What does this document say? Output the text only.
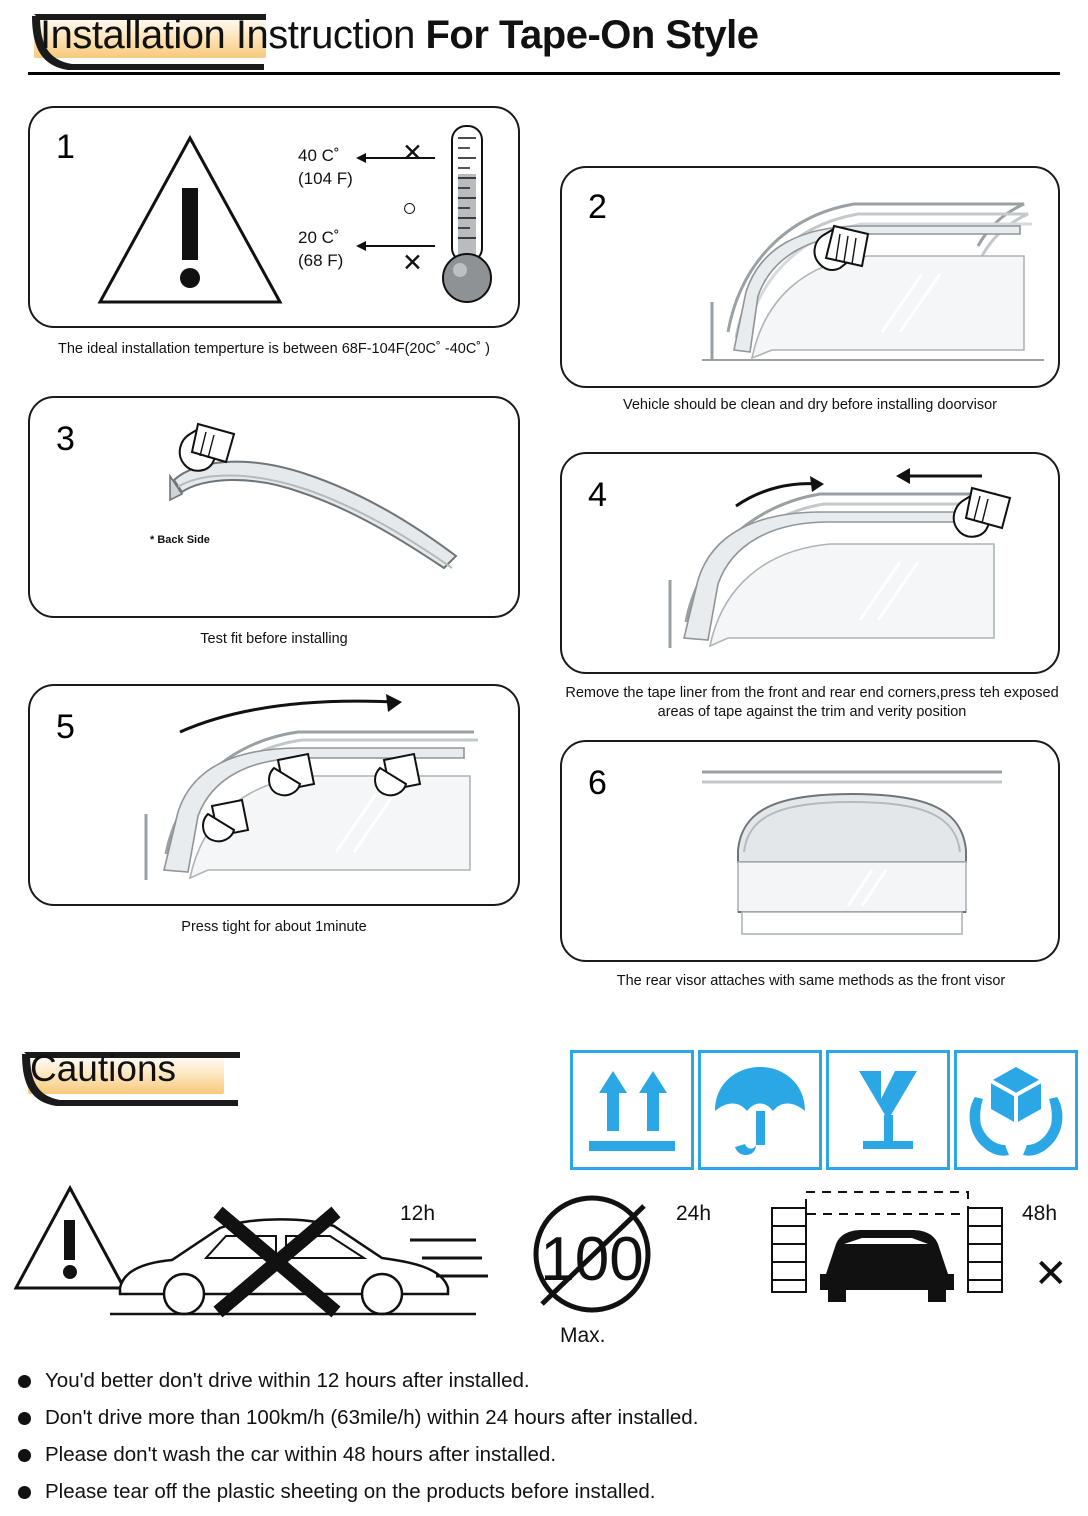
Installation Instruction For Tape-On Style
1	40 C˚
(104 F)
20 C˚
(68 F)
✕
○
✕
The ideal installation temperture is between 68F-104F(20C˚ -40C˚ )
2
Vehicle should be clean and dry before installing doorvisor
3
* Back Side
Test fit before installing
4
Remove the tape liner from the front and rear end corners,press teh exposed areas of tape against the trim and verity position
5
Press tight for about 1minute
6
The rear visor attaches with same methods as the front visor
Cautions
12h
100
Max.
24h	48h
✕
You'd better don't drive within 12 hours after installed.
Don't drive more than 100km/h (63mile/h) within 24 hours after installed.
Please don't wash the car within 48 hours after installed.
Please tear off the plastic sheeting on the products before installed.
